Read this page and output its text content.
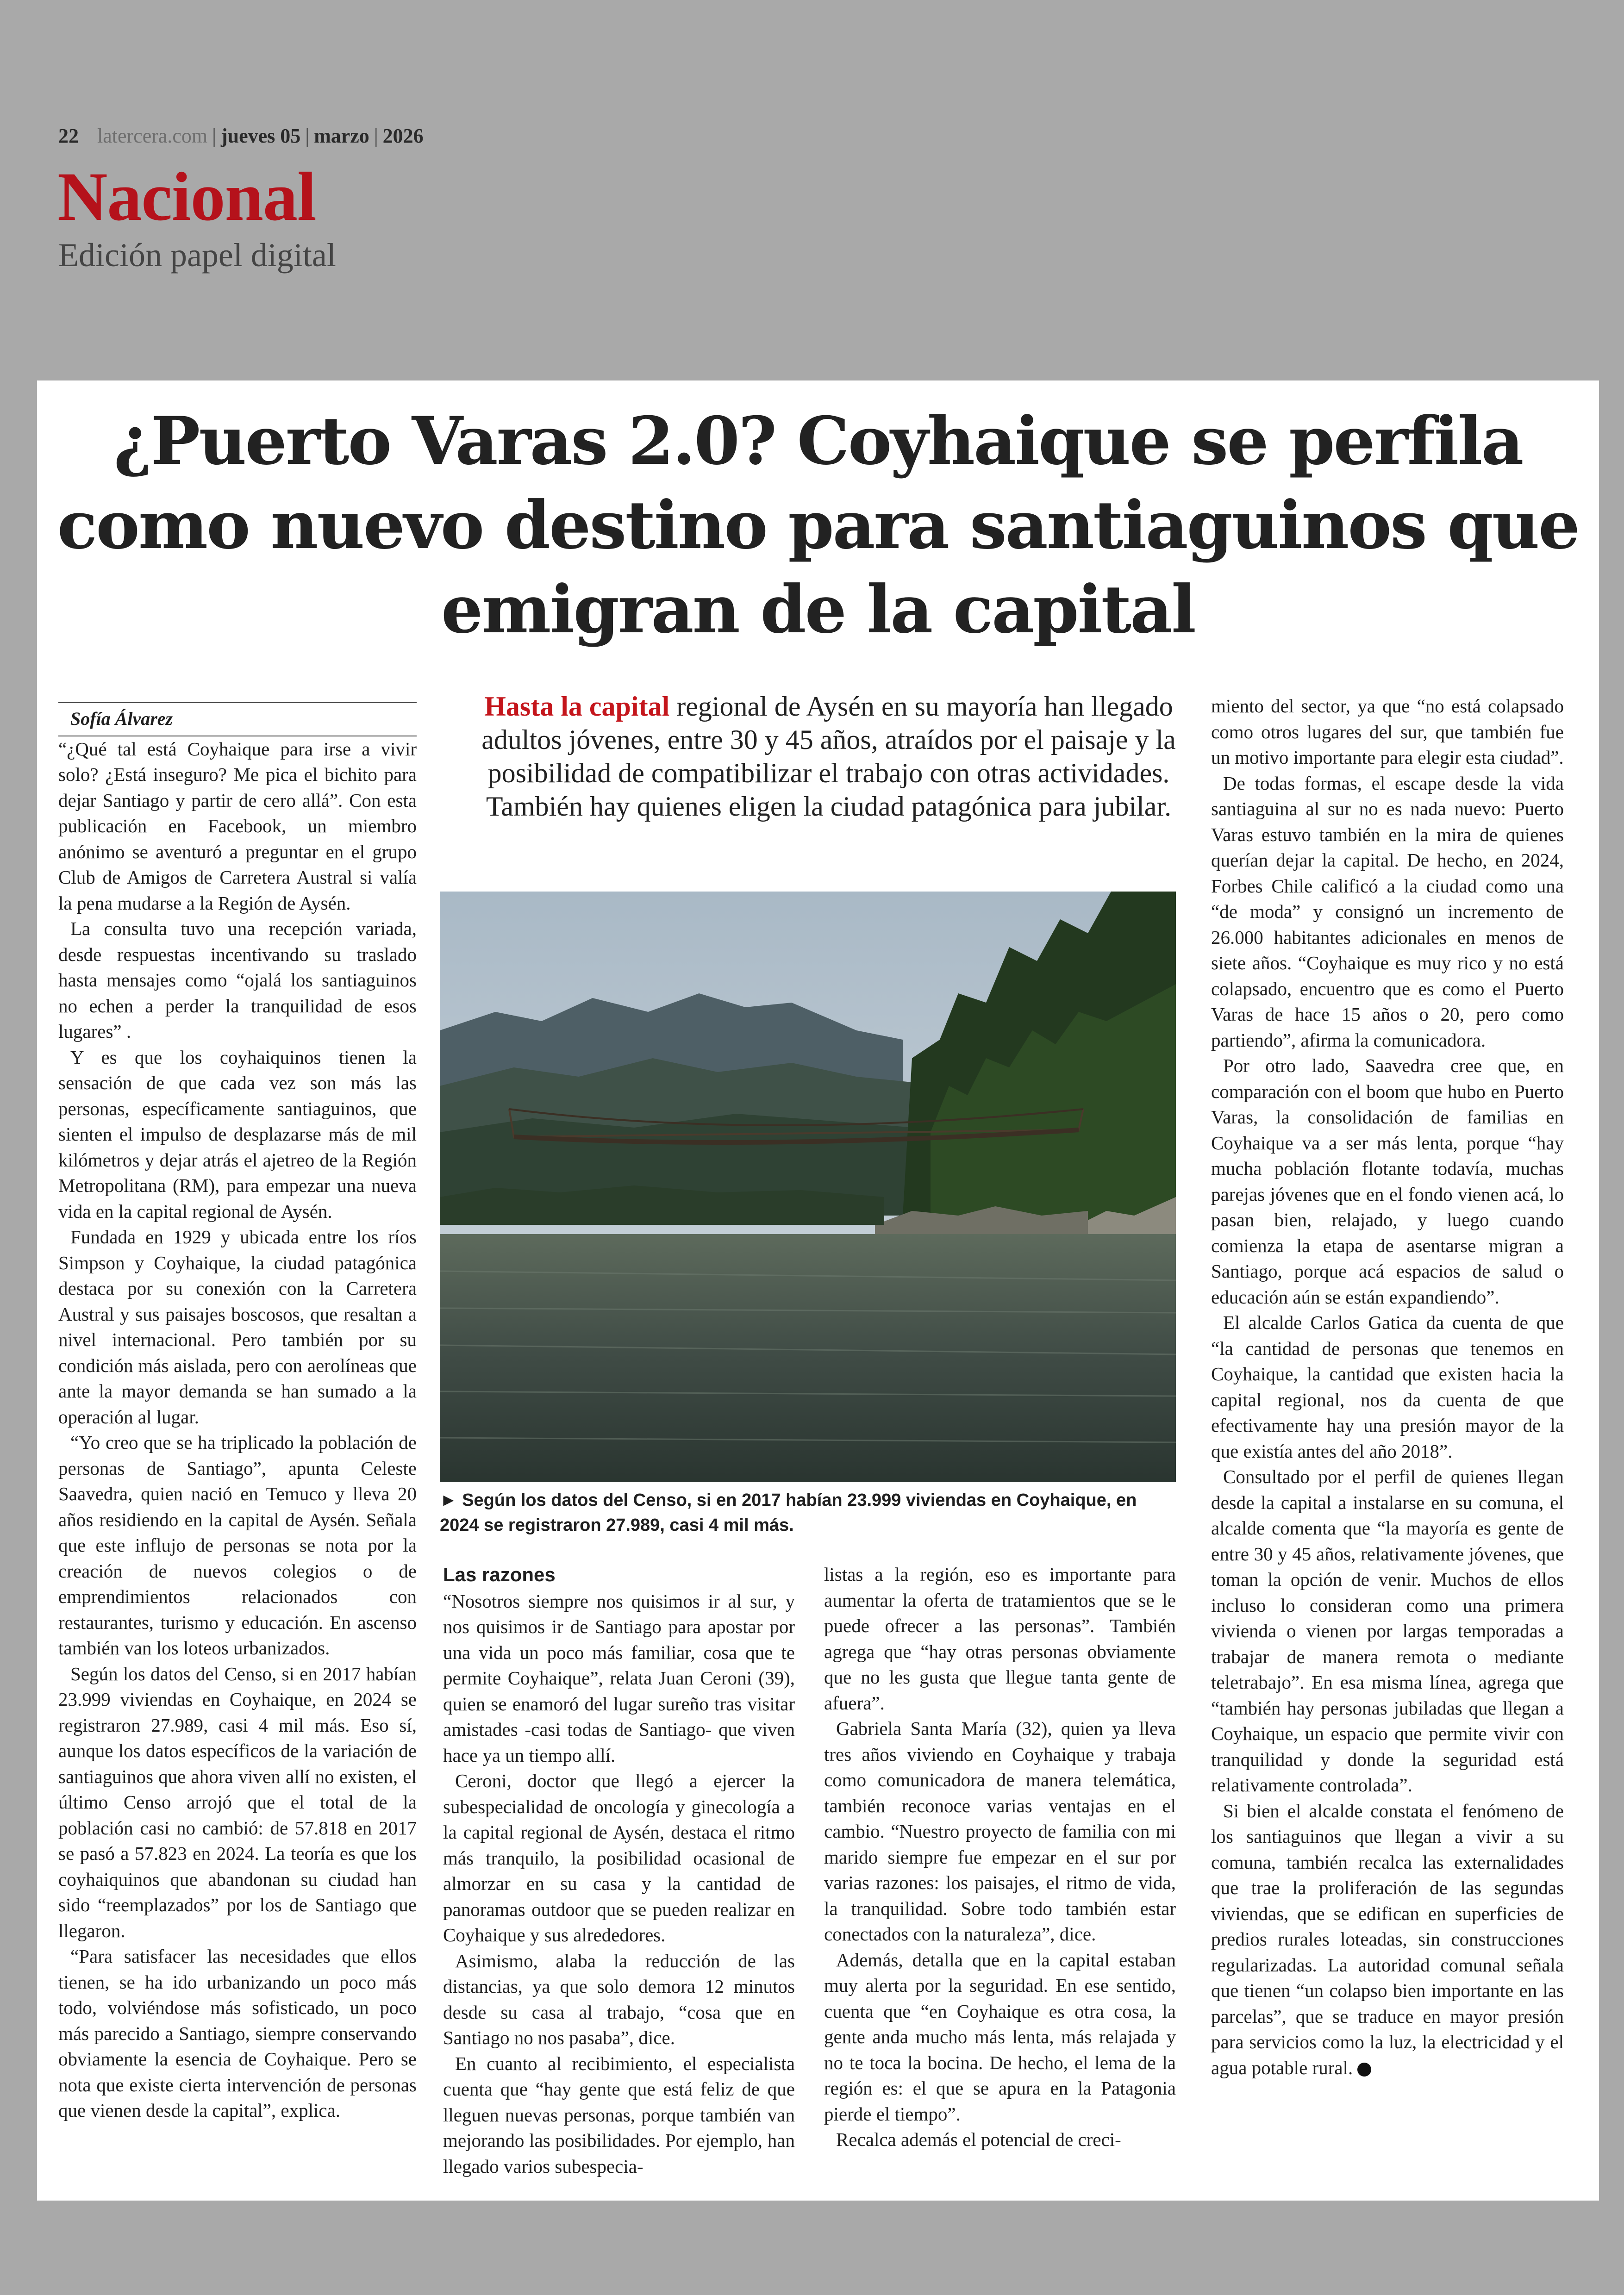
22 latercera.com | jueves 05 | marzo | 2026
Nacional
Edición papel digital
¿Puerto Varas 2.0? Coyhaique se perfila como nuevo destino para santiaguinos que emigran de la capital

Sofía Álvarez

“¿Qué tal está Coyhaique para irse a vivir solo? ¿Está inseguro? Me pica el bichito para dejar Santiago y partir de cero allá”. Con esta publicación en Facebook, un miembro anónimo se aventuró a preguntar en el grupo Club de Amigos de Carretera Austral si valía la pena mudarse a la Región de Aysén.

La consulta tuvo una recepción variada, desde respuestas incentivando su traslado hasta mensajes como “ojalá los santiaguinos no echen a perder la tranquilidad de esos lugares” .

Y es que los coyhaiquinos tienen la sensación de que cada vez son más las personas, específicamente santiaguinos, que sienten el impulso de desplazarse más de mil kilómetros y dejar atrás el ajetreo de la Región Metropolitana (RM), para empezar una nueva vida en la capital regional de Aysén.

Fundada en 1929 y ubicada entre los ríos Simpson y Coyhaique, la ciudad patagónica destaca por su conexión con la Carretera Austral y sus paisajes boscosos, que resaltan a nivel internacional. Pero también por su condición más aislada, pero con aerolíneas que ante la mayor demanda se han sumado a la operación al lugar.

“Yo creo que se ha triplicado la población de personas de Santiago”, apunta Celeste Saavedra, quien nació en Temuco y lleva 20 años residiendo en la capital de Aysén. Señala que este influjo de personas se nota por la creación de nuevos colegios o de emprendimientos relacionados con restaurantes, turismo y educación. En ascenso también van los loteos urbanizados.

Según los datos del Censo, si en 2017 habían 23.999 viviendas en Coyhaique, en 2024 se registraron 27.989, casi 4 mil más. Eso sí, aunque los datos específicos de la variación de santiaguinos que ahora viven allí no existen, el último Censo arrojó que el total de la población casi no cambió: de 57.818 en 2017 se pasó a 57.823 en 2024. La teoría es que los coyhaiquinos que abandonan su ciudad han sido “reemplazados” por los de Santiago que llegaron.

“Para satisfacer las necesidades que ellos tienen, se ha ido urbanizando un poco más todo, volviéndose más sofisticado, un poco más parecido a Santiago, siempre conservando obviamente la esencia de Coyhaique. Pero se nota que existe cierta intervención de personas que vienen desde la capital”, explica.

Hasta la capital regional de Aysén en su mayoría han llegado adultos jóvenes, entre 30 y 45 años, atraídos por el paisaje y la posibilidad de compatibilizar el trabajo con otras actividades. También hay quienes eligen la ciudad patagónica para jubilar.
► Según los datos del Censo, si en 2017 habían 23.999 viviendas en Coyhaique, en 2024 se registraron 27.989, casi 4 mil más.

Las razones

“Nosotros siempre nos quisimos ir al sur, y nos quisimos ir de Santiago para apostar por una vida un poco más familiar, cosa que te permite Coyhaique”, relata Juan Ceroni (39), quien se enamoró del lugar sureño tras visitar amistades -casi todas de Santiago- que viven hace ya un tiempo allí.

Ceroni, doctor que llegó a ejercer la subespecialidad de oncología y ginecología a la capital regional de Aysén, destaca el ritmo más tranquilo, la posibilidad ocasional de almorzar en su casa y la cantidad de panoramas outdoor que se pueden realizar en Coyhaique y sus alrededores.

Asimismo, alaba la reducción de las distancias, ya que solo demora 12 minutos desde su casa al trabajo, “cosa que en Santiago no nos pasaba”, dice.

En cuanto al recibimiento, el especialista cuenta que “hay gente que está feliz de que lleguen nuevas personas, porque también van mejorando las posibilidades. Por ejemplo, han llegado varios subespecia-

listas a la región, eso es importante para aumentar la oferta de tratamientos que se le puede ofrecer a las personas”. También agrega que “hay otras personas obviamente que no les gusta que llegue tanta gente de afuera”.

Gabriela Santa María (32), quien ya lleva tres años viviendo en Coyhaique y trabaja como comunicadora de manera telemática, también reconoce varias ventajas en el cambio. “Nuestro proyecto de familia con mi marido siempre fue empezar en el sur por varias razones: los paisajes, el ritmo de vida, la tranquilidad. Sobre todo también estar conectados con la naturaleza”, dice.

Además, detalla que en la capital estaban muy alerta por la seguridad. En ese sentido, cuenta que “en Coyhaique es otra cosa, la gente anda mucho más lenta, más relajada y no te toca la bocina. De hecho, el lema de la región es: el que se apura en la Patagonia pierde el tiempo”.

Recalca además el potencial de creci-

miento del sector, ya que “no está colapsado como otros lugares del sur, que también fue un motivo importante para elegir esta ciudad”.

De todas formas, el escape desde la vida santiaguina al sur no es nada nuevo: Puerto Varas estuvo también en la mira de quienes querían dejar la capital. De hecho, en 2024, Forbes Chile calificó a la ciudad como una “de moda” y consignó un incremento de 26.000 habitantes adicionales en menos de siete años. “Coyhaique es muy rico y no está colapsado, encuentro que es como el Puerto Varas de hace 15 años o 20, pero como partiendo”, afirma la comunicadora.

Por otro lado, Saavedra cree que, en comparación con el boom que hubo en Puerto Varas, la consolidación de familias en Coyhaique va a ser más lenta, porque “hay mucha población flotante todavía, muchas parejas jóvenes que en el fondo vienen acá, lo pasan bien, relajado, y luego cuando comienza la etapa de asentarse migran a Santiago, porque acá espacios de salud o educación aún se están expandiendo”.

El alcalde Carlos Gatica da cuenta de que “la cantidad de personas que tenemos en Coyhaique, la cantidad que existen hacia la capital regional, nos da cuenta de que efectivamente hay una presión mayor de la que existía antes del año 2018”.

Consultado por el perfil de quienes llegan desde la capital a instalarse en su comuna, el alcalde comenta que “la mayoría es gente de entre 30 y 45 años, relativamente jóvenes, que toman la opción de venir. Muchos de ellos incluso lo consideran como una primera vivienda o vienen por largas temporadas a trabajar de manera remota o mediante teletrabajo”. En esa misma línea, agrega que “también hay personas jubiladas que llegan a Coyhaique, un espacio que permite vivir con tranquilidad y donde la seguridad está relativamente controlada”.

Si bien el alcalde constata el fenómeno de los santiaguinos que llegan a vivir a su comuna, también recalca las externalidades que trae la proliferación de las segundas viviendas, que se edifican en superficies de predios rurales loteadas, sin construcciones regularizadas. La autoridad comunal señala que tienen “un colapso bien importante en las parcelas”, que se traduce en mayor presión para servicios como la luz, la electricidad y el agua potable rural.
